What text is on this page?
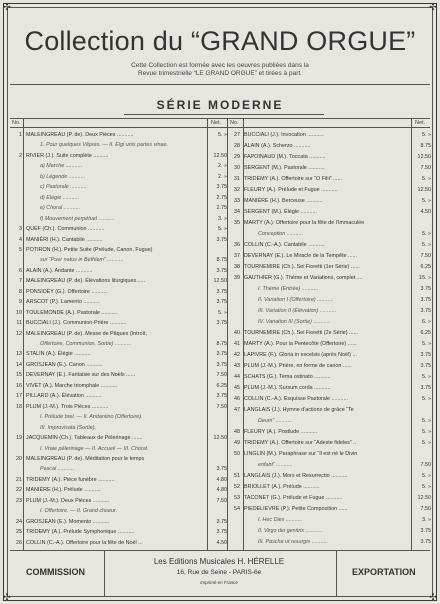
✣	✣
✣	✣
Collection du “GRAND ORGUE”
Cette Collection est formée avec les oeuvres publiées dans la
Revue trimestrielle “LE GRAND ORGUE” et tirées à part.
SÉRIE MODERNE
No.	Net. No.	Net.
1 MALEINGREAU (P. de). Deux Pièces ...........	5. »
1. Pour quelques Vêpres. — II. Elgi unis partes vinae.
2 RIVIER (J.). Suite complète ..........	12.50
a) Marche ...........	2. »
b) Légende ...........	2. »
c) Pastorale ...........	3.75
d) Elégie ...........	2.75
e) Choral ...........	2.75
f) Mouvement perpétuel ...........	3. »
3 QUEF (Ch.). Communion ...........	5. »
4 MANIÉRI (H.). Cantabile ...........	3.75
5 POTIRON (H.). Petite Suite (Prélude, Canon, Fugue)
sur “Puer natus in Bethlem” ...........	8.75
6 ALAIN (A.). Andante ...........	3.75
7 MALEINGREAU (P. de). Élévations liturgiques......	12.50
8 PONSIDEY (G.). Offertoire ...........	3.75
9 ARSCOT (P.). Lamento ...........	3.75
10 TOULEMONDE (A.). Pastorale ...........	5. »
11 BUCCIALI (J.). Communion-Prière ...........	3.75
12 MALEINGREAU (P. de). Messe de Pâques (Introït,
Offertoire, Communion, Sortie) ...........	8.75
13 STALIN (A.). Élégie ...........	3.75
14 GROSJEAN (E.). Canon ...........	3.75
15 DEVERNAY (E.). Fantaisie sur des Noëls ......	7.50
16 VIVET (A.). Marche triomphale ...........	6.25
17 PILLARD (A.). Élévation ...........	3.75
18 PLUM (J.-M.). Trois Pièces ...........	7.50
I. Prélude brel. — II. Andantino (Offertoire).
III. Improvisata (Sortie).
19 JACQUEMIN (Ch.). Tableaux de Pélerinage .......	12.50
I. Vraie pélerinage — II. Accueil — III. Choral.
20 MALEINGREAU (P. de). Méditation pour le temps
Pascal ...........	3.75
21 TRIDEMY (A.). Pièce funèbre ...........	4.80
22 MANIÉRE (H.). Prélude ...........	4.80
23 PLUM (J.-M.). Deux Pièces ...........	7.50
I. Offertoire. — II. Grand choeur.
24 GROSJEAN (E.). Momento ...........	3.75
25 TRIDEMY (A.). Prélude Symphonique ...........	3.75
26 COLLIN (C.-A.). Offertoire pour la fête de Noël ...	4.50
27 BUCCIALI (J.). Invocation ...........	5. »
28 ALAIN (A.). Scherzo ...........	8.75
29 FAPOINAUD (M.). Toccata ...........	12.50
30 SERGENT (M.). Pastorale ...........	7.50
31 TRIDEMY (A.). Offertoire sur “O Filii” ......	5. »
32 FLEURY (A.). Prélude et Fugue ...........	12.50
33 MANIÉRE (H.). Berceuse ...........	5. »
34 SERGENT (M.). Élégie ...........	4.50
35 MARTY (A.). Offertoire pour la fête de l'Immaculée
Conception ...........	5. »
36 COLLIN (C.-A.). Cantabile ...........	5. »
37 DEVERNAY (E.). Le Miracle de la Tempête ......	7.50
38 TOURNEMIRE (Ch.). Sei Fioretti (1er Série) ......	6.25
39 GAUTHIER (G.). Thème et Variations, complet ....	15. »
I. Thème (Entrée) ...........	3.75
II. Variation I (Offertoire) ...........	3.75
III. Variation II (Élévation) ...........	3.75
IV. Variation III (Sortie) ...........	6. »
40 TOURNEMIRE (Ch.). Sei Fioretti (2e Série) ......	6.25
41 MARTY (A.). Pour la Pentecôte (Offertoire) ......	5. »
42 LAPIVRE (F.). Gloria in excelsis (après Noël) ...	3.75
43 PLUM (J.-M.). Prière, en forme de canon ......	3.75
44 SCHATS (G.). Tema ostinato ...........	5. »
45 PLUM (J.-M.). Sursum corda ...........	3.75
46 COLLIN (C.-A.). Esquisse Pastorale ...........	5. »
47 LANGLAIS (J.). Hymne d'actions de grâce “Te
Deum” ...........	5. »
48 FLEURY (A.). Postlude ...........	5. »
49 TRIDEMY (A.). Offertoire sur “Adeste fideles” ..	5. »
50 LINGLIN (M.). Paraphrase sur “Il est né le Divin
enfant” ...........	7.50
51 LANGLAIS (J.). Mors et Resurrectio ...........	5. »
52 BRIOLLET (A.). Prélude ...........	5. »
53 TACONET (G.). Prélude et Fugue ...........	12.50
54 PIEDELIEVRE (P.). Petite Composition ......	7.50
I. Hec Dies ...........	3. »
II. Virgo dei genitrix ...........	3.75
III. Pascha ut resurgis ...........	3.75
COMMISSION	EXPORTATION
Les Editions Musicales H. HÉRELLE
16, Rue de Seine - PARIS-6e
Imprimé en France
